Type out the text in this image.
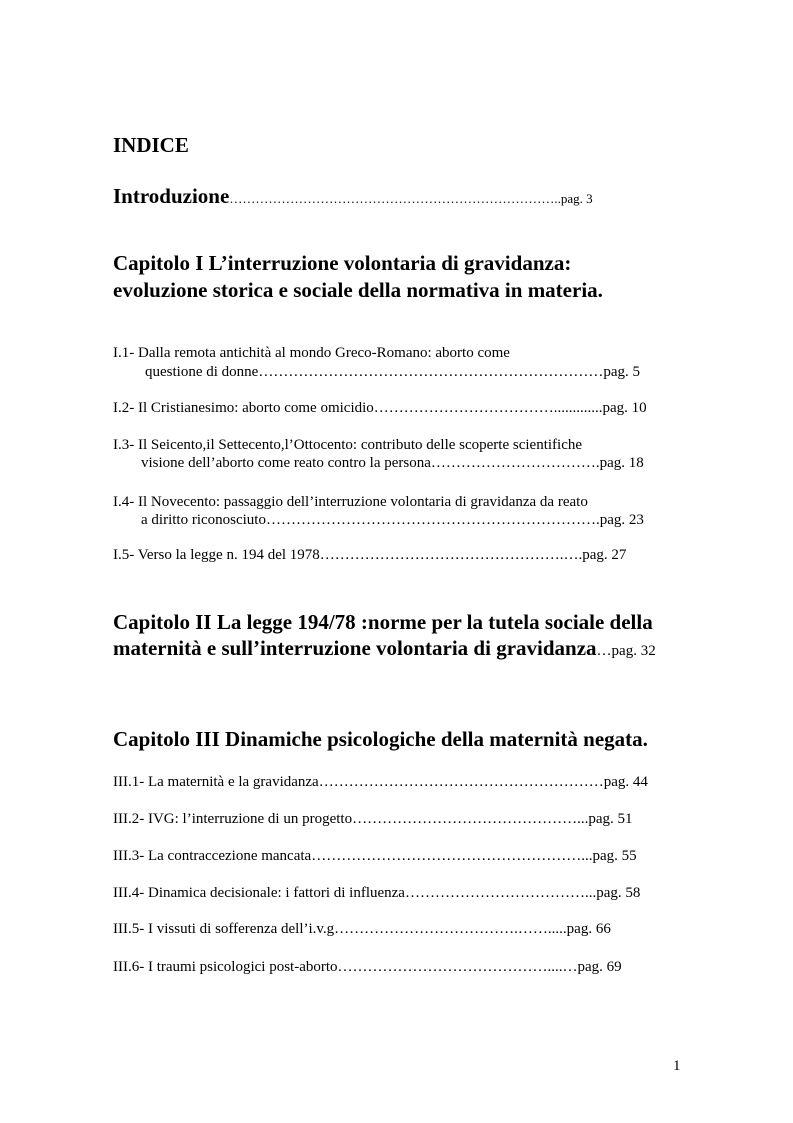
INDICE
Introduzione…………………………………………………………………..pag. 3
Capitolo I L’interruzione volontaria di gravidanza:
evoluzione storica e sociale della normativa in materia.
I.1- Dalla remota antichità al mondo Greco-Romano: aborto come
questione di donne……………………………………………………………pag. 5
I.2- Il Cristianesimo: aborto come omicidio……………………………….............pag. 10
I.3- Il Seicento,il Settecento,l’Ottocento: contributo delle scoperte scientifiche
visione dell’aborto come reato contro la persona…………………………….pag. 18
I.4- Il Novecento: passaggio dell’interruzione volontaria di gravidanza da reato
a diritto riconosciuto………………………………………………………….pag. 23
I.5- Verso la legge n. 194 del 1978………………………………………….….pag. 27
Capitolo II La legge 194/78 :norme per la tutela sociale della
maternità e sull’interruzione volontaria di gravidanza…pag. 32
Capitolo III Dinamiche psicologiche della maternità negata.
III.1- La maternità e la gravidanza…………………………………………………pag. 44
III.2- IVG: l’interruzione di un progetto………………………………………...pag. 51
III.3- La contraccezione mancata………………………………………………...pag. 55
III.4- Dinamica decisionale: i fattori di influenza………………………………...pag. 58
III.5- I vissuti di sofferenza dell’i.v.g……………………………….…….....pag. 66
III.6- I traumi psicologici post-aborto……………………………………....…pag. 69
1
